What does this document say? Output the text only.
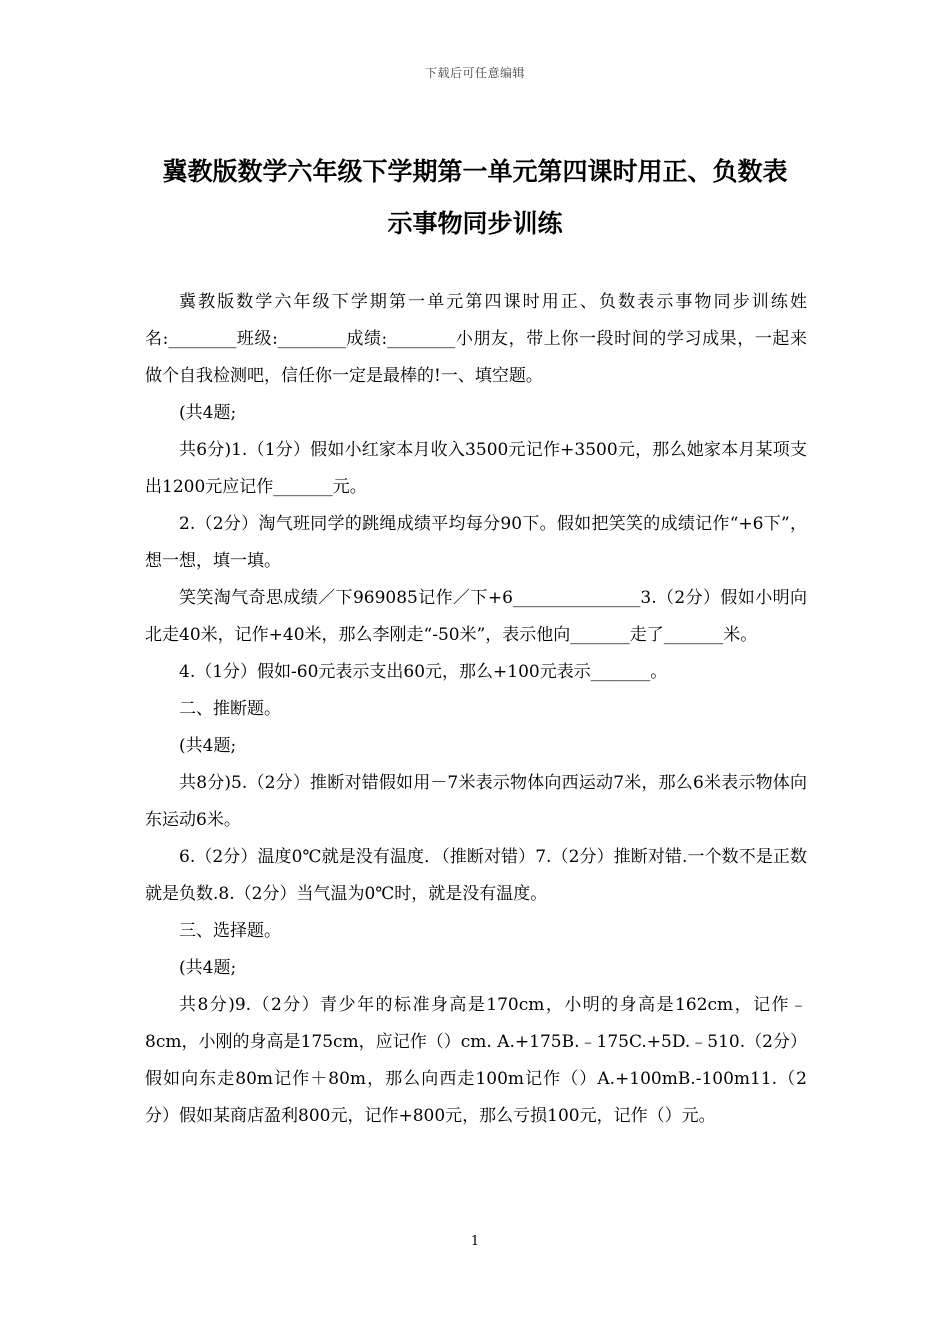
下载后可任意编辑
冀教版数学六年级下学期第一单元第四课时用正、负数表
示事物同步训练

冀教版数学六年级下学期第一单元第四课时用正、负数表示事物同步训练姓名:________班级:________成绩:________小朋友，带上你一段时间的学习成果，一起来做个自我检测吧，信任你一定是最棒的!一、填空题。

(共4题;

共6分)1.（1分）假如小红家本月收入3500元记作+3500元，那么她家本月某项支出1200元应记作_______元。

2.（2分）淘气班同学的跳绳成绩平均每分90下。假如把笑笑的成绩记作“+6下”，想一想，填一填。

笑笑淘气奇思成绩／下969085记作／下+6_______________3.（2分）假如小明向北走40米，记作+40米，那么李刚走“-50米”，表示他向_______走了_______米。

4.（1分）假如-60元表示支出60元，那么+100元表示_______。

二、推断题。

(共4题;

共8分)5.（2分）推断对错假如用－7米表示物体向西运动7米，那么6米表示物体向东运动6米。

6.（2分）温度0℃就是没有温度．（推断对错）7.（2分）推断对错.一个数不是正数就是负数.8.（2分）当气温为0℃时，就是没有温度。

三、选择题。

(共4题;

共8分)9.（2分）青少年的标准身高是170cm，小明的身高是162cm，记作﹣8cm，小刚的身高是175cm，应记作（）cm. A.+175B.﹣175C.+5D.﹣510.（2分）假如向东走80m记作＋80m，那么向西走100m记作（）A.+100mB.-100m11.（2分）假如某商店盈利800元，记作+800元，那么亏损100元，记作（）元。

1
